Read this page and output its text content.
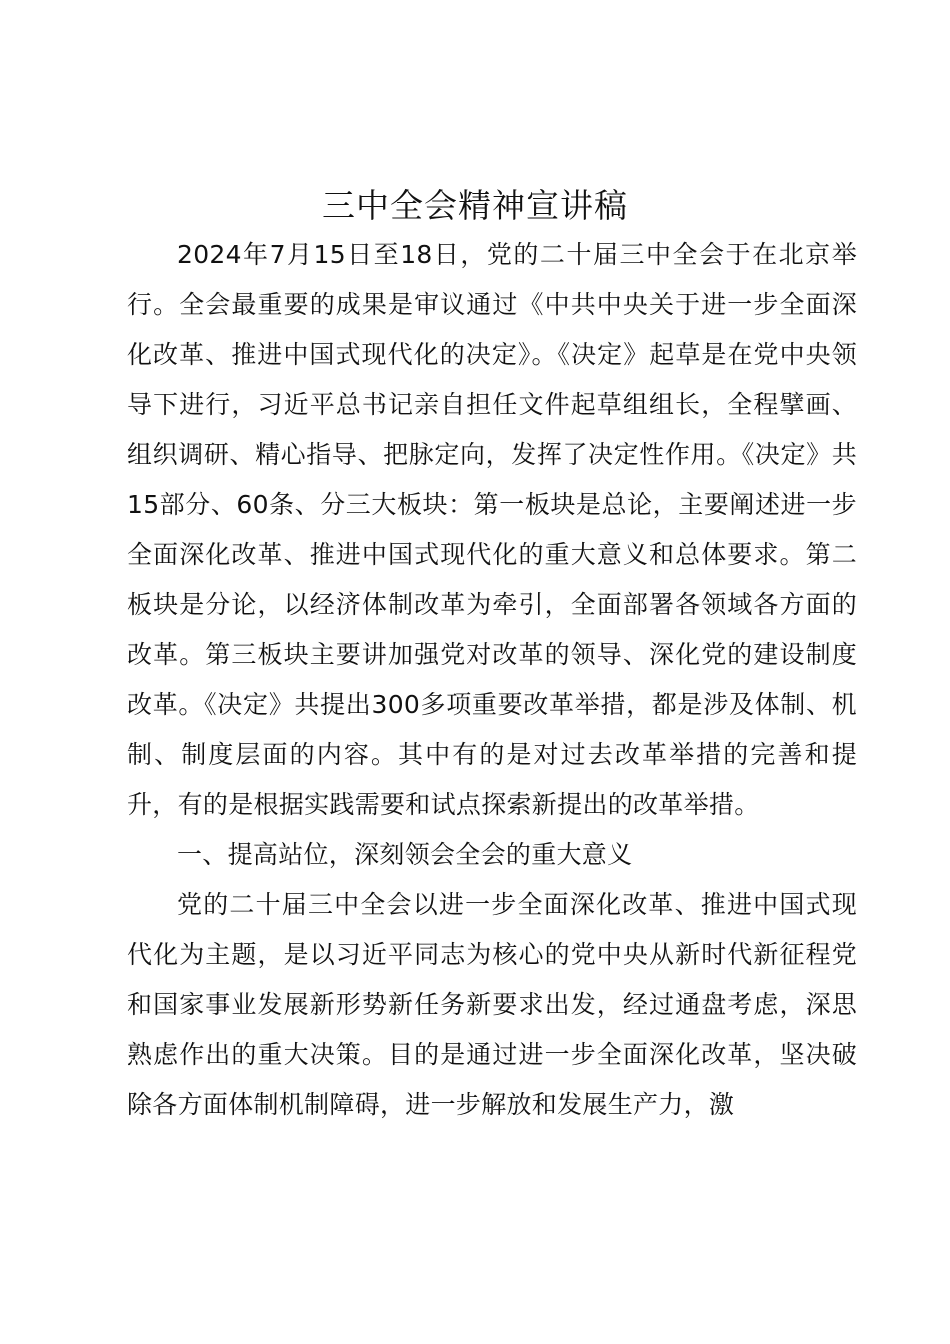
三中全会精神宣讲稿

2024年7月15日至18日，党的二十届三中全会于在北京举行。全会最重要的成果是审议通过《中共中央关于进一步全面深化改革、推进中国式现代化的决定》。《决定》起草是在党中央领导下进行，习近平总书记亲自担任文件起草组组长，全程擘画、组织调研、精心指导、把脉定向，发挥了决定性作用。《决定》共15部分、60条、分三大板块：第一板块是总论，主要阐述进一步全面深化改革、推进中国式现代化的重大意义和总体要求。第二板块是分论，以经济体制改革为牵引，全面部署各领域各方面的改革。第三板块主要讲加强党对改革的领导、深化党的建设制度改革。《决定》共提出300多项重要改革举措，都是涉及体制、机制、制度层面的内容。其中有的是对过去改革举措的完善和提升，有的是根据实践需要和试点探索新提出的改革举措。

一、提高站位，深刻领会全会的重大意义

党的二十届三中全会以进一步全面深化改革、推进中国式现代化为主题，是以习近平同志为核心的党中央从新时代新征程党和国家事业发展新形势新任务新要求出发，经过通盘考虑，深思熟虑作出的重大决策。目的是通过进一步全面深化改革，坚决破除各方面体制机制障碍，进一步解放和发展生产力，激
